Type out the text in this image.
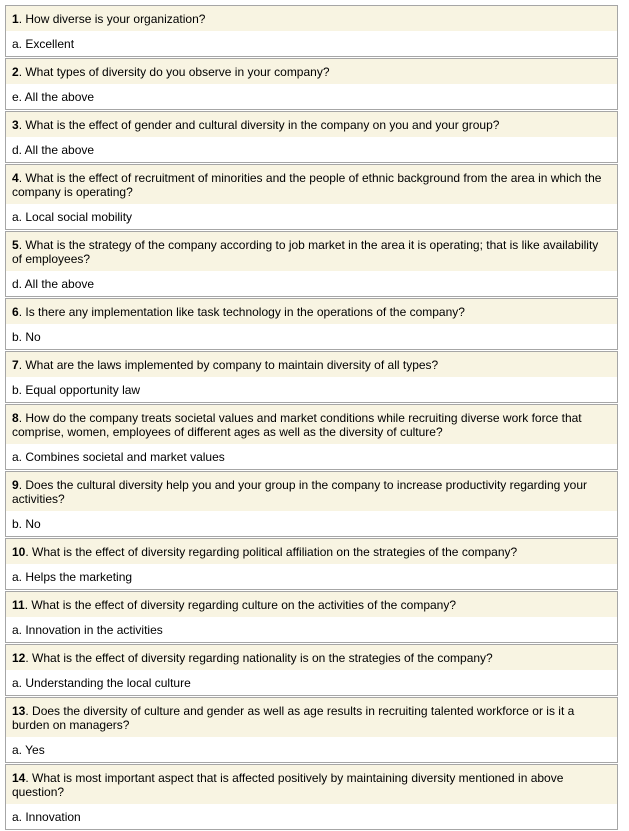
1. How diverse is your organization?
a. Excellent
2. What types of diversity do you observe in your company?
e. All the above
3. What is the effect of gender and cultural diversity in the company on you and your group?
d. All the above
4. What is the effect of recruitment of minorities and the people of ethnic background from the area in which the company is operating?
a. Local social mobility
5. What is the strategy of the company according to job market in the area it is operating; that is like availability of employees?
d. All the above
6. Is there any implementation like task technology in the operations of the company?
b. No
7. What are the laws implemented by company to maintain diversity of all types?
b. Equal opportunity law
8. How do the company treats societal values and market conditions while recruiting diverse work force that comprise, women, employees of different ages as well as the diversity of culture?
a. Combines societal and market values
9. Does the cultural diversity help you and your group in the company to increase productivity regarding your activities?
b. No
10. What is the effect of diversity regarding political affiliation on the strategies of the company?
a. Helps the marketing
11. What is the effect of diversity regarding culture on the activities of the company?
a. Innovation in the activities
12. What is the effect of diversity regarding nationality is on the strategies of the company?
a. Understanding the local culture
13. Does the diversity of culture and gender as well as age results in recruiting talented workforce or is it a burden on managers?
a. Yes
14. What is most important aspect that is affected positively by maintaining diversity mentioned in above question?
a. Innovation
